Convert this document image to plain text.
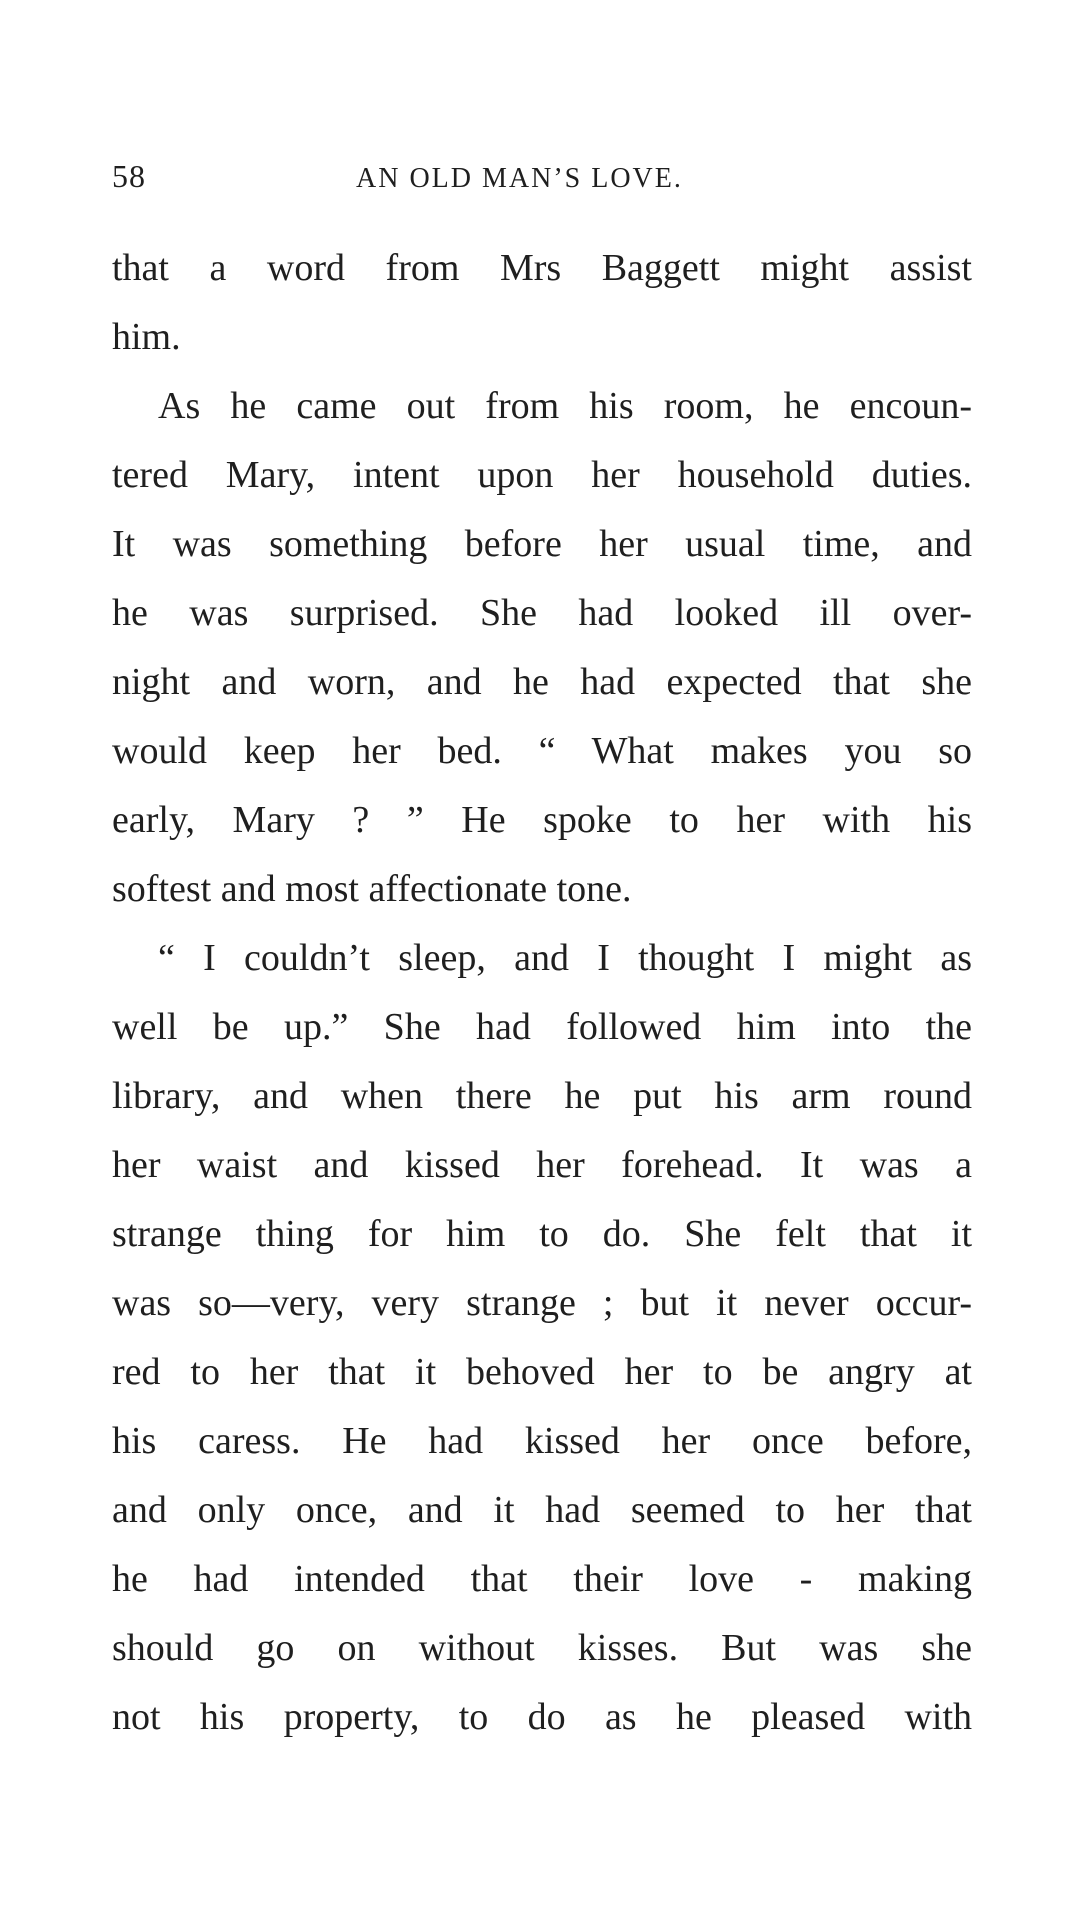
58	AN OLD MAN’S LOVE.
that a word from Mrs Baggett might assist
him.
As he came out from his room, he encoun-
tered Mary, intent upon her household duties.
It was something before her usual time, and
he was surprised. She had looked ill over-
night and worn, and he had expected that she
would keep her bed. “ What makes you so
early, Mary ? ” He spoke to her with his
softest and most affectionate tone.
“ I couldn’t sleep, and I thought I might as
well be up.” She had followed him into the
library, and when there he put his arm round
her waist and kissed her forehead. It was a
strange thing for him to do. She felt that it
was so—very, very strange ; but it never occur-
red to her that it behoved her to be angry at
his caress. He had kissed her once before,
and only once, and it had seemed to her that
he had intended that their love - making
should go on without kisses. But was she
not his property, to do as he pleased with
